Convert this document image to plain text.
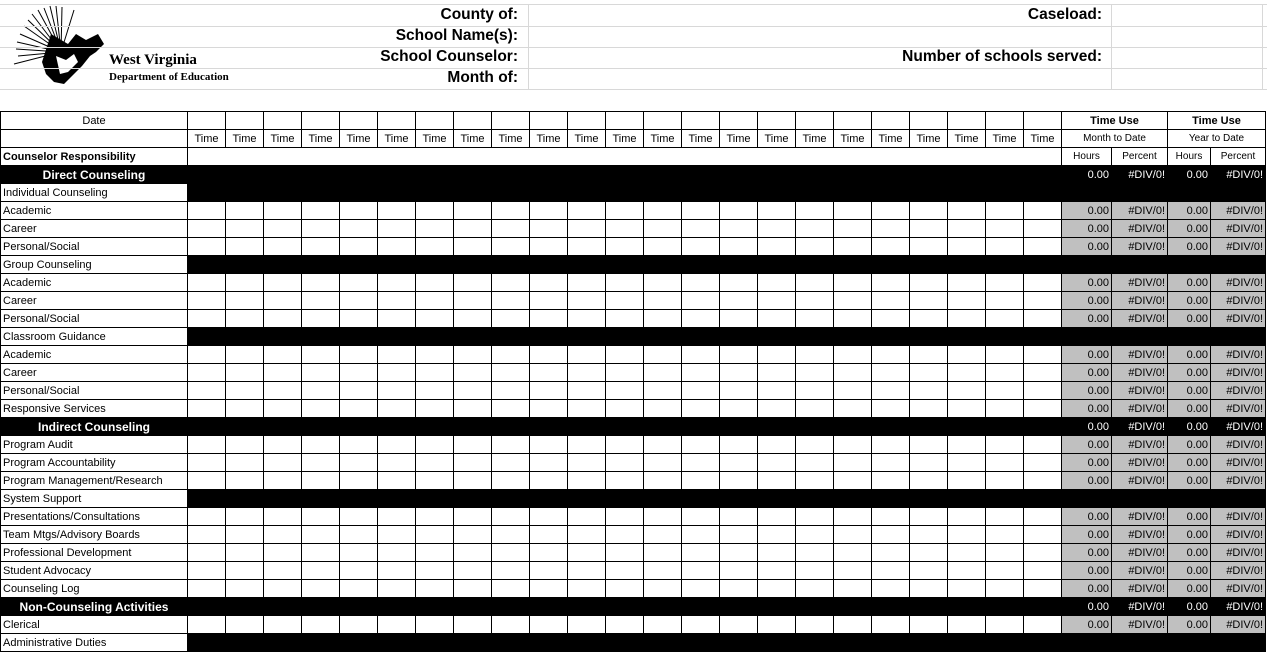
West Virginia
Department of Education
County of:
School Name(s):
School Counselor:
Month of:
Caseload:
Number of schools served:
Date																								Time Use		Time Use	
	Time	Time	Time	Time	Time	Time	Time	Time	Time	Time	Time	Time	Time	Time	Time	Time	Time	Time	Time	Time	Time	Time	Time	Month to Date		Year to Date	
Counselor Responsibility																								Hours	Percent	Hours	Percent
Direct Counseling																								0.00	#DIV/0!	0.00	#DIV/0!
Individual Counseling																											
Academic																								0.00	#DIV/0!	0.00	#DIV/0!
Career																								0.00	#DIV/0!	0.00	#DIV/0!
Personal/Social																								0.00	#DIV/0!	0.00	#DIV/0!
Group Counseling																											
Academic																								0.00	#DIV/0!	0.00	#DIV/0!
Career																								0.00	#DIV/0!	0.00	#DIV/0!
Personal/Social																								0.00	#DIV/0!	0.00	#DIV/0!
Classroom Guidance																											
Academic																								0.00	#DIV/0!	0.00	#DIV/0!
Career																								0.00	#DIV/0!	0.00	#DIV/0!
Personal/Social																								0.00	#DIV/0!	0.00	#DIV/0!
Responsive Services																								0.00	#DIV/0!	0.00	#DIV/0!
Indirect Counseling																								0.00	#DIV/0!	0.00	#DIV/0!
Program Audit																								0.00	#DIV/0!	0.00	#DIV/0!
Program Accountability																								0.00	#DIV/0!	0.00	#DIV/0!
Program Management/Research																								0.00	#DIV/0!	0.00	#DIV/0!
System Support																											
Presentations/Consultations																								0.00	#DIV/0!	0.00	#DIV/0!
Team Mtgs/Advisory Boards																								0.00	#DIV/0!	0.00	#DIV/0!
Professional Development																								0.00	#DIV/0!	0.00	#DIV/0!
Student Advocacy																								0.00	#DIV/0!	0.00	#DIV/0!
Counseling Log																								0.00	#DIV/0!	0.00	#DIV/0!
Non-Counseling Activities																								0.00	#DIV/0!	0.00	#DIV/0!
Clerical																								0.00	#DIV/0!	0.00	#DIV/0!
Administrative Duties																											
